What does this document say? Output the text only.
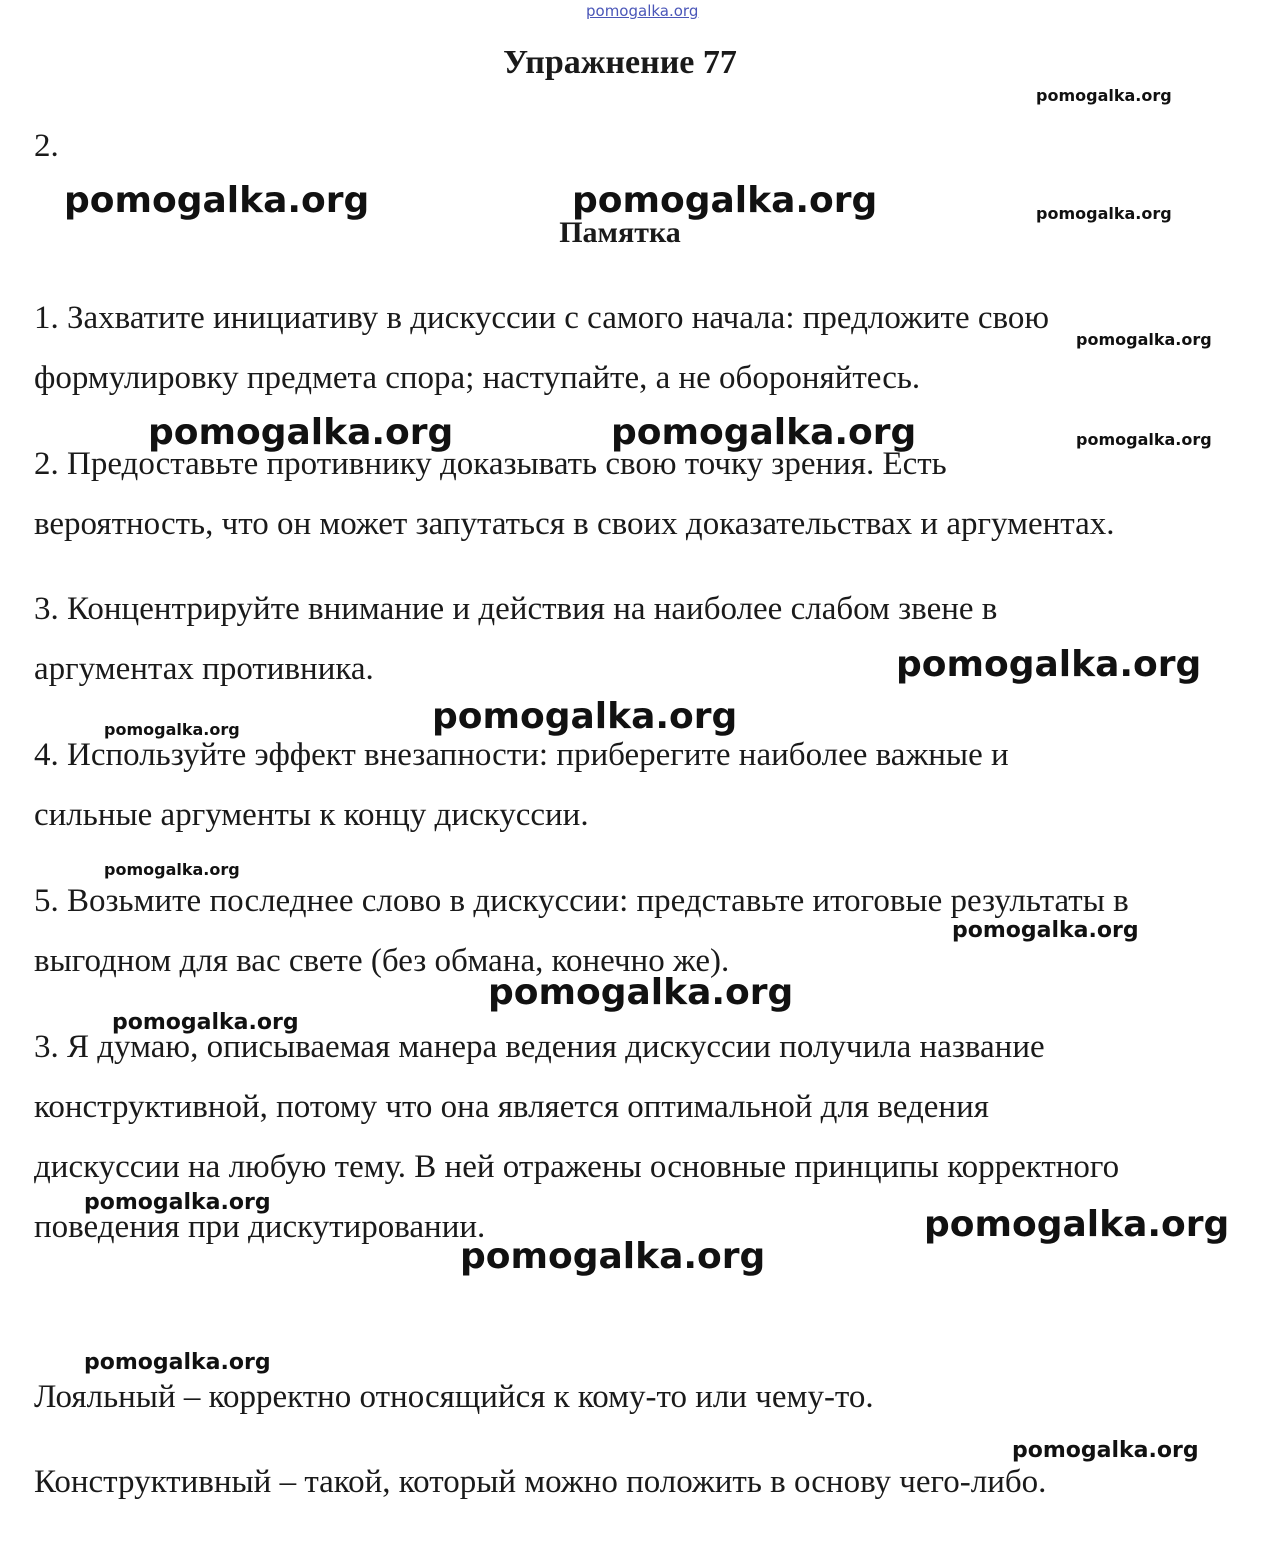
pomogalka.org
pomogalka.org
pomogalka.org	pomogalka.org	pomogalka.org
pomogalka.org
pomogalka.org	pomogalka.org	pomogalka.org
pomogalka.org
pomogalka.org
pomogalka.org
pomogalka.org
pomogalka.org
pomogalka.org
pomogalka.org
pomogalka.org
pomogalka.org
pomogalka.org
pomogalka.org
pomogalka.org
Упражнение 77
2.
Памятка
1. Захватите инициативу в дискуссии с самого начала: предложите свою
формулировку предмета спора; наступайте, а не обороняйтесь.
2. Предоставьте противнику доказывать свою точку зрения. Есть
вероятность, что он может запутаться в своих доказательствах и аргументах.
3. Концентрируйте внимание и действия на наиболее слабом звене в
аргументах противника.
4. Используйте эффект внезапности: приберегите наиболее важные и
сильные аргументы к концу дискуссии.
5. Возьмите последнее слово в дискуссии: представьте итоговые результаты в
выгодном для вас свете (без обмана, конечно же).
3. Я думаю, описываемая манера ведения дискуссии получила название
конструктивной, потому что она является оптимальной для ведения
дискуссии на любую тему. В ней отражены основные принципы корректного
поведения при дискутировании.
Лояльный – корректно относящийся к кому-то или чему-то.
Конструктивный – такой, который можно положить в основу чего-либо.
